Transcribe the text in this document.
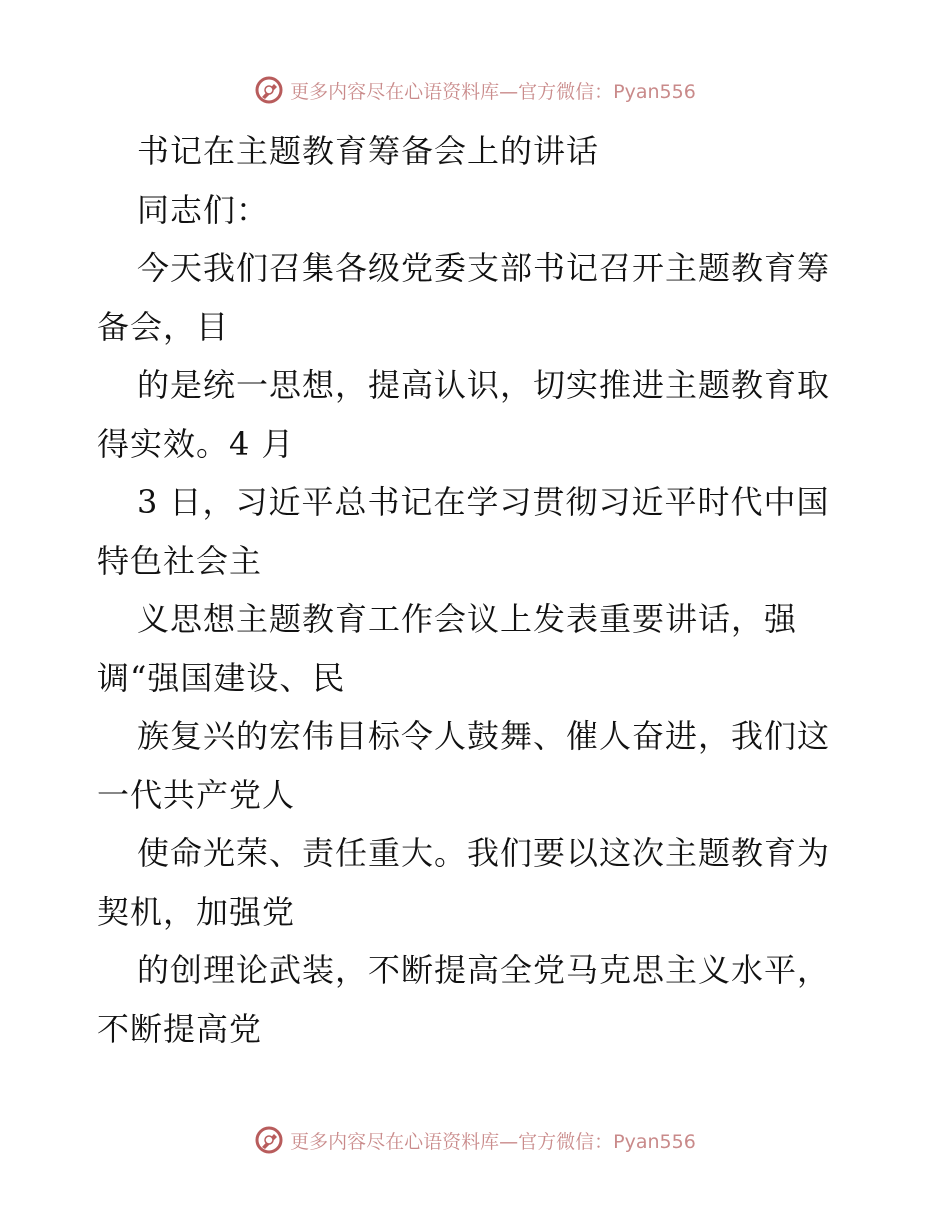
更多内容尽在心语资料库—官方微信：Pyan556
书记在主题教育筹备会上的讲话
同志们：
今天我们召集各级党委支部书记召开主题教育筹
备会，目
的是统一思想，提高认识，切实推进主题教育取
得实效。4 月
3 日，习近平总书记在学习贯彻习近平时代中国
特色社会主
义思想主题教育工作会议上发表重要讲话，强
调“强国建设、民
族复兴的宏伟目标令人鼓舞、催人奋进，我们这
一代共产党人
使命光荣、责任重大。我们要以这次主题教育为
契机，加强党
的创理论武装，不断提高全党马克思主义水平，
不断提高党
更多内容尽在心语资料库—官方微信：Pyan556
